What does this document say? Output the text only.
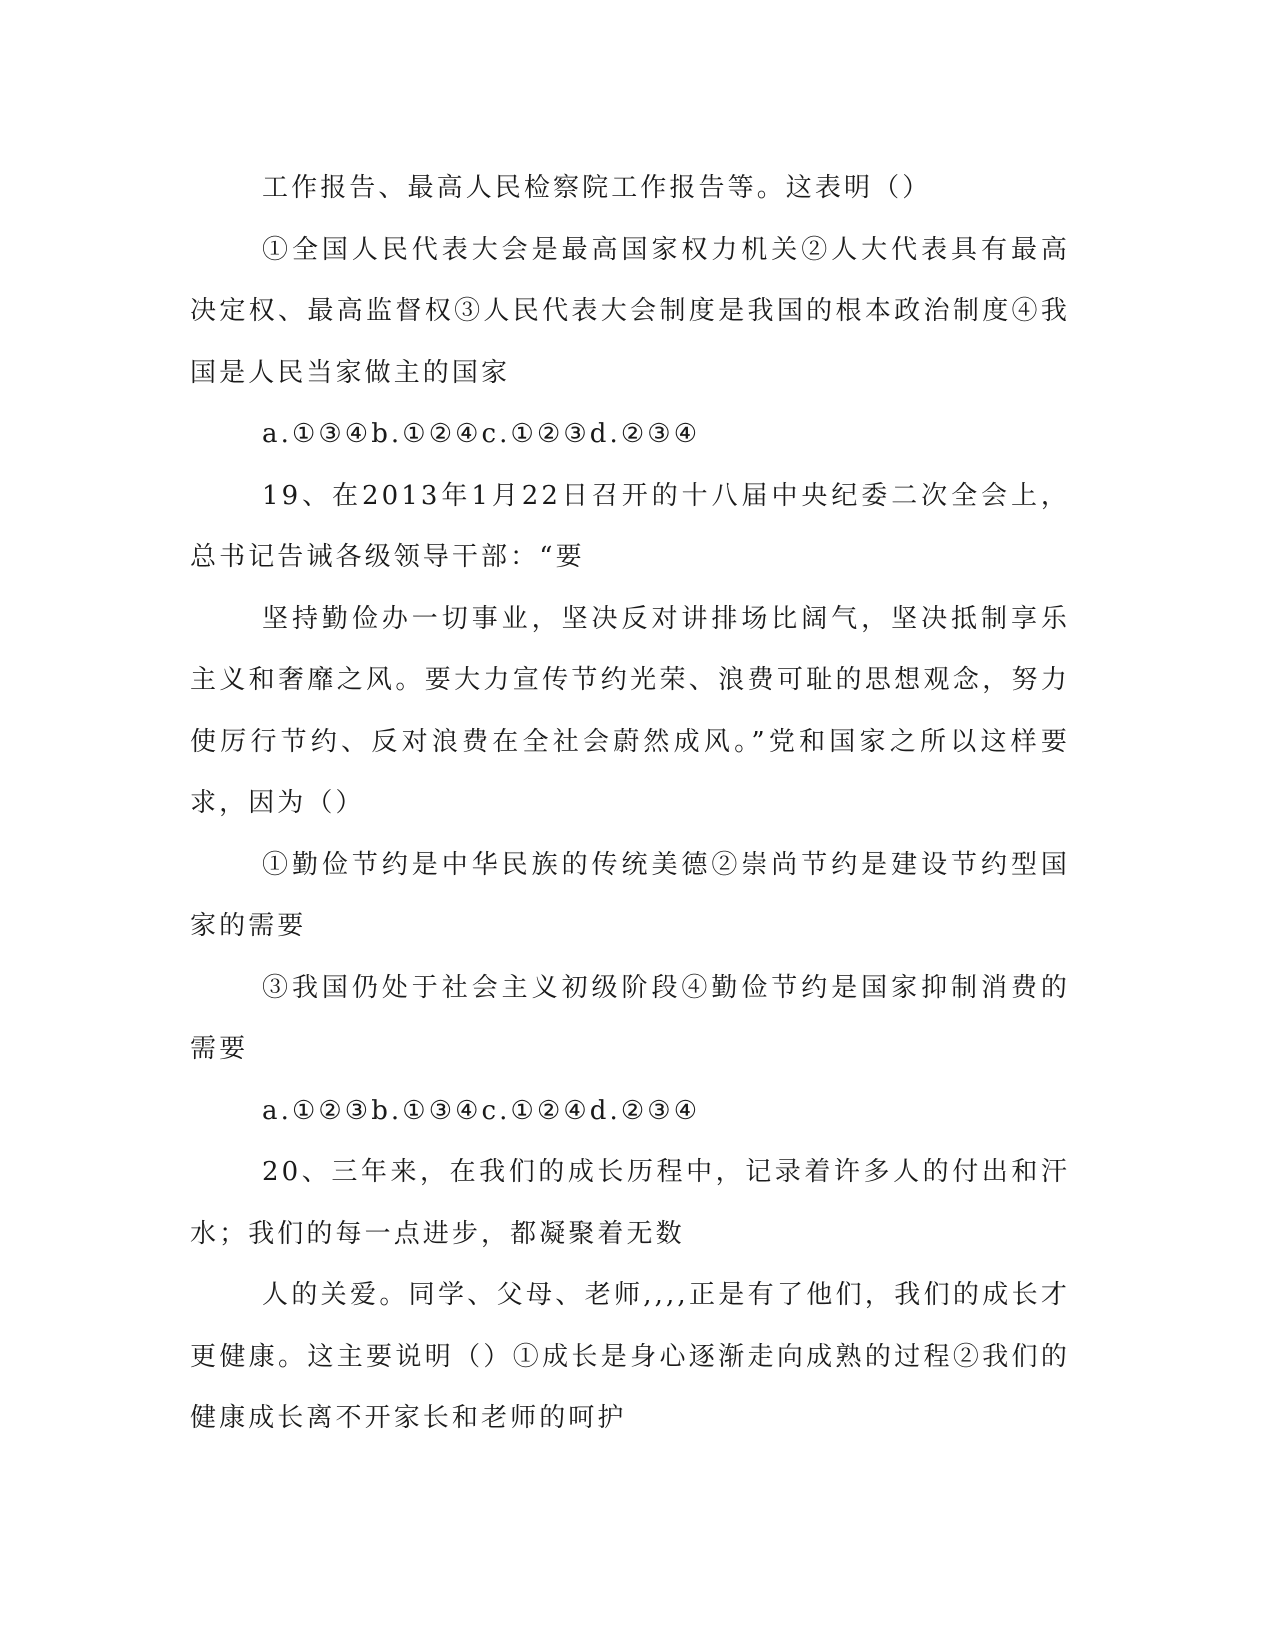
工作报告、最高人民检察院工作报告等。这表明（）

①全国人民代表大会是最高国家权力机关②人大代表具有最高决定权、最高监督权③人民代表大会制度是我国的根本政治制度④我国是人民当家做主的国家

a.①③④b.①②④c.①②③d.②③④

19、在2013年1月22日召开的十八届中央纪委二次全会上，总书记告诫各级领导干部：“要

坚持勤俭办一切事业，坚决反对讲排场比阔气，坚决抵制享乐主义和奢靡之风。要大力宣传节约光荣、浪费可耻的思想观念，努力使厉行节约、反对浪费在全社会蔚然成风。”党和国家之所以这样要求，因为（）

①勤俭节约是中华民族的传统美德②崇尚节约是建设节约型国家的需要

③我国仍处于社会主义初级阶段④勤俭节约是国家抑制消费的需要

a.①②③b.①③④c.①②④d.②③④

20、三年来，在我们的成长历程中，记录着许多人的付出和汗水；我们的每一点进步，都凝聚着无数

人的关爱。同学、父母、老师,,,,正是有了他们，我们的成长才更健康。这主要说明（）①成长是身心逐渐走向成熟的过程②我们的健康成长离不开家长和老师的呵护
